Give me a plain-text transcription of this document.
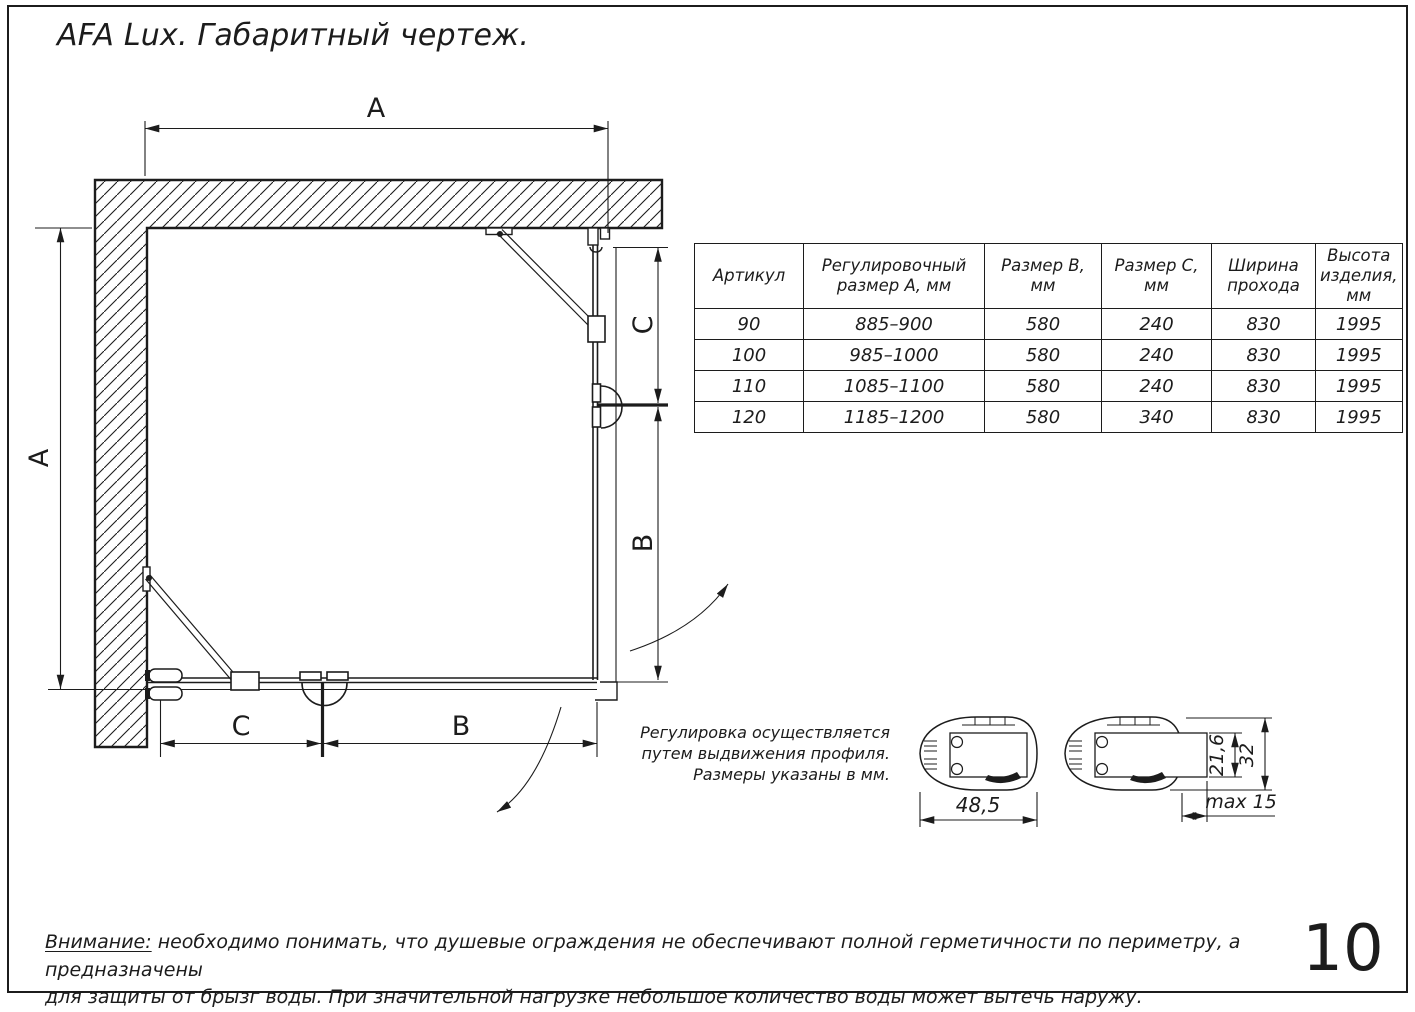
AFA Lux. Габаритный чертеж.
A
A
C	B
C
B
48,5
21,6 32
max 15
Регулировка осуществляется
путем выдвижения профиля.
Размеры указаны в мм.
Артикул	Регулировочный размер А, мм	Размер В, мм	Размер С, мм	Ширина прохода	Высота изделия, мм
90	885–900	580	240	830	1995
100	985–1000	580	240	830	1995
110	1085–1100	580	240	830	1995
120	1185–1200	580	340	830	1995
Внимание: необходимо понимать, что душевые ограждения не обеспечивают полной герметичности по периметру, а предназначены
для защиты от брызг воды. При значительной нагрузке небольшое количество воды может вытечь наружу.
10
